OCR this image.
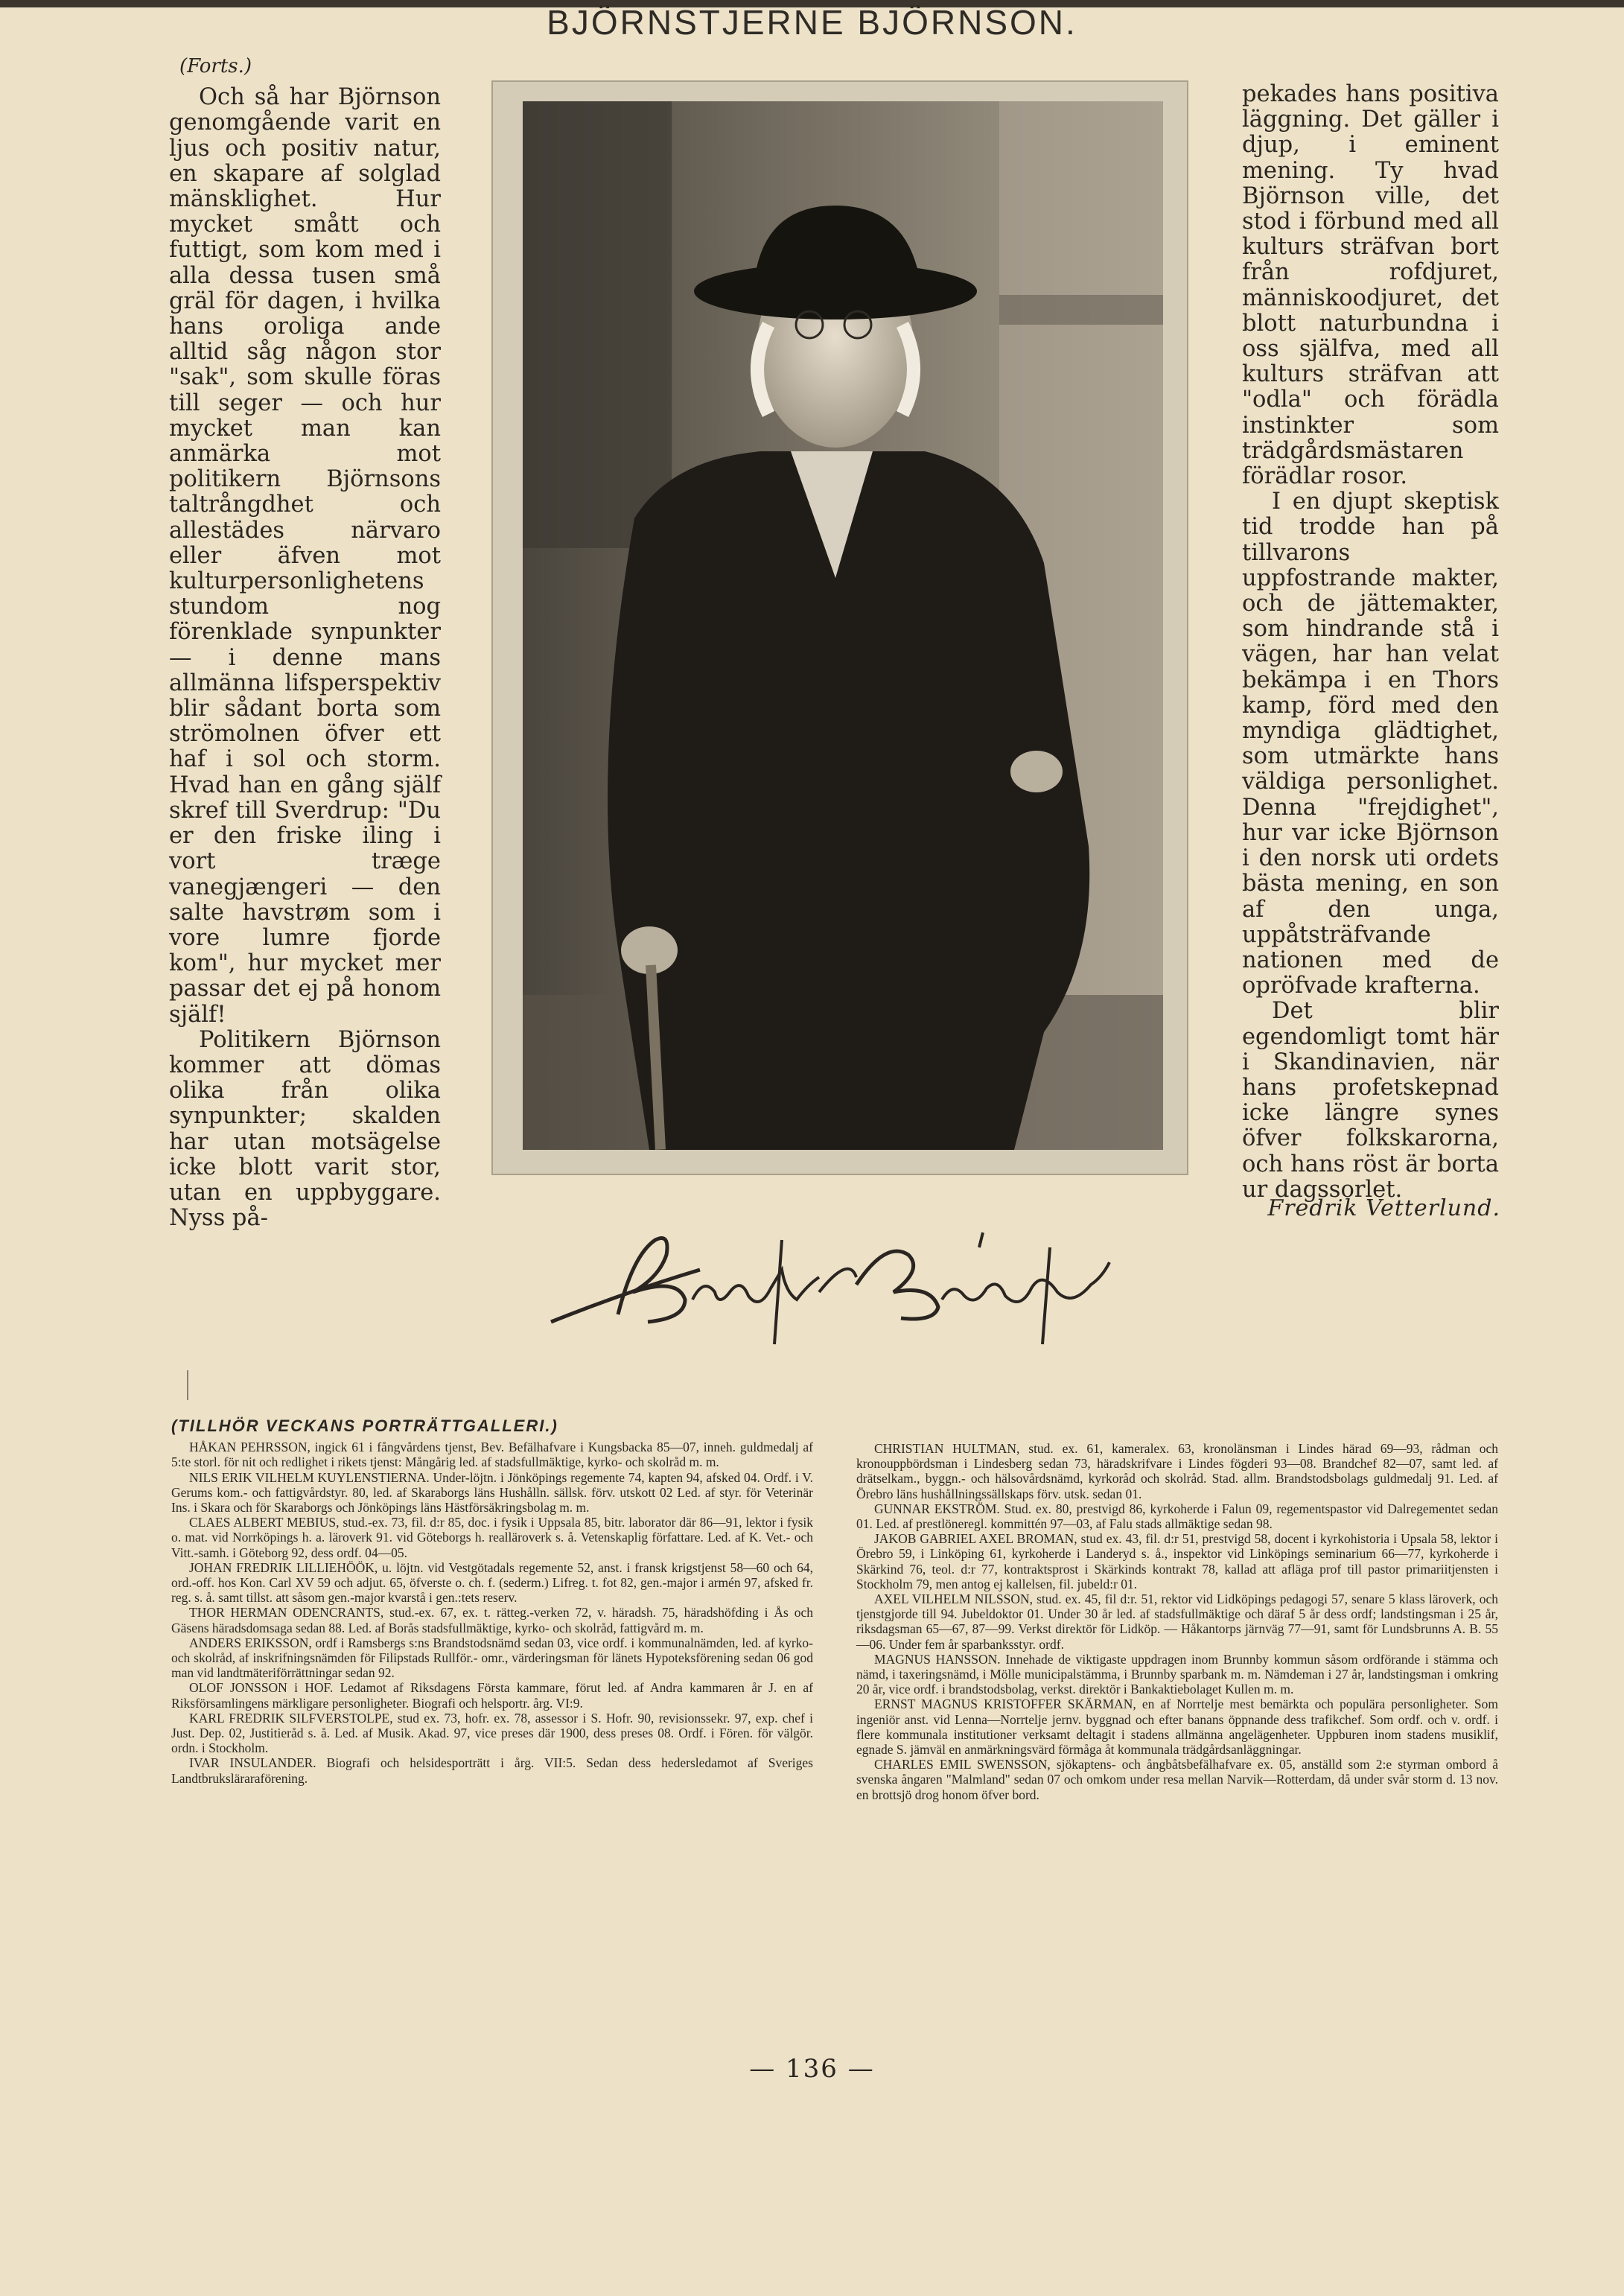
BJÖRNSTJERNE BJÖRNSON.
(Forts.)

Och så har Björnson genomgående varit en ljus och positiv natur, en skapare af solglad mänsklighet. Hur mycket smått och futtigt, som kom med i alla dessa tusen små gräl för dagen, i hvilka hans oroliga ande alltid såg någon stor "sak", som skulle föras till seger — och hur mycket man kan anmärka mot politikern Björnsons taltrångdhet och allestädes närvaro eller äfven mot kulturpersonlighetens stundom nog förenklade synpunkter — i denne mans allmänna lifsperspektiv blir sådant borta som strömolnen öfver ett haf i sol och storm. Hvad han en gång själf skref till Sverdrup: "Du er den friske iling i vort træge vanegjængeri — den salte havstrøm som i vore lumre fjorde kom", hur mycket mer passar det ej på honom själf!

Politikern Björnson kommer att dömas olika från olika synpunkter; skalden har utan motsägelse icke blott varit stor, utan en uppbyggare. Nyss på-

pekades hans positiva läggning. Det gäller i djup, i eminent mening. Ty hvad Björnson ville, det stod i förbund med all kulturs sträfvan bort från rofdjuret, människoodjuret, det blott naturbundna i oss själfva, med all kulturs sträfvan att "odla" och förädla instinkter som trädgårdsmästaren förädlar rosor.

I en djupt skeptisk tid trodde han på tillvarons uppfostrande makter, och de jättemakter, som hindrande stå i vägen, har han velat bekämpa i en Thors kamp, förd med den myndiga glädtighet, som utmärkte hans väldiga personlighet. Denna "frejdighet", hur var icke Björnson i den norsk uti ordets bästa mening, en son af den unga, uppåtsträfvande nationen med de opröfvade krafterna.

Det blir egendomligt tomt här i Skandinavien, när hans profetskepnad icke längre synes öfver folkskarorna, och hans röst är borta ur dagssorlet.

Fredrik Vetterlund.
(TILLHÖR VECKANS PORTRÄTTGALLERI.)

HÅKAN PEHRSSON, ingick 61 i fångvårdens tjenst, Bev. Befälhafvare i Kungsbacka 85—07, inneh. guldmedalj af 5:te storl. för nit och redlighet i rikets tjenst: Mångårig led. af stadsfullmäktige, kyrko- och skolråd m. m.

NILS ERIK VILHELM KUYLENSTIERNA. Under-löjtn. i Jönköpings regemente 74, kapten 94, afsked 04. Ordf. i V. Gerums kom.- och fattigvårdstyr. 80, led. af Skaraborgs läns Hushålln. sällsk. förv. utskott 02 Led. af styr. för Veterinär Ins. i Skara och för Skaraborgs och Jönköpings läns Hästförsäkringsbolag m. m.

CLAES ALBERT MEBIUS, stud.-ex. 73, fil. d:r 85, doc. i fysik i Uppsala 85, bitr. laborator där 86—91, lektor i fysik o. mat. vid Norrköpings h. a. läroverk 91. vid Göteborgs h. realläroverk s. å. Vetenskaplig författare. Led. af K. Vet.- och Vitt.-samh. i Göteborg 92, dess ordf. 04—05.

JOHAN FREDRIK LILLIEHÖÖK, u. löjtn. vid Vestgötadals regemente 52, anst. i fransk krigstjenst 58—60 och 64, ord.-off. hos Kon. Carl XV 59 och adjut. 65, öfverste o. ch. f. (sederm.) Lifreg. t. fot 82, gen.-major i armén 97, afsked fr. reg. s. å. samt tillst. att såsom gen.-major kvarstå i gen.:tets reserv.

THOR HERMAN ODENCRANTS, stud.-ex. 67, ex. t. rätteg.-verken 72, v. häradsh. 75, häradshöfding i Ås och Gäsens häradsdomsaga sedan 88. Led. af Borås stadsfullmäktige, kyrko- och skolråd, fattigvård m. m.

ANDERS ERIKSSON, ordf i Ramsbergs s:ns Brandstodsnämd sedan 03, vice ordf. i kommunalnämden, led. af kyrko- och skolråd, af inskrifningsnämden för Filipstads Rullför.- omr., värderingsman för länets Hypoteksförening sedan 06 god man vid landtmäteriförrättningar sedan 92.

OLOF JONSSON i HOF. Ledamot af Riksdagens Första kammare, förut led. af Andra kammaren år J. en af Riksförsamlingens märkligare personligheter. Biografi och helsportr. årg. VI:9.

KARL FREDRIK SILFVERSTOLPE, stud ex. 73, hofr. ex. 78, assessor i S. Hofr. 90, revisionssekr. 97, exp. chef i Just. Dep. 02, Justitieråd s. å. Led. af Musik. Akad. 97, vice preses där 1900, dess preses 08. Ordf. i Fören. för välgör. ordn. i Stockholm.

IVAR INSULANDER. Biografi och helsidesporträtt i årg. VII:5. Sedan dess hedersledamot af Sveriges Landtbruksläraraförening.

CHRISTIAN HULTMAN, stud. ex. 61, kameralex. 63, kronolänsman i Lindes härad 69—93, rådman och kronouppbördsman i Lindesberg sedan 73, häradskrifvare i Lindes fögderi 93—08. Brandchef 82—07, samt led. af drätselkam., byggn.- och hälsovårdsnämd, kyrkoråd och skolråd. Stad. allm. Brandstodsbolags guldmedalj 91. Led. af Örebro läns hushållningssällskaps förv. utsk. sedan 01.

GUNNAR EKSTRÖM. Stud. ex. 80, prestvigd 86, kyrkoherde i Falun 09, regementspastor vid Dalregementet sedan 01. Led. af prestlöneregl. kommittén 97—03, af Falu stads allmäktige sedan 98.

JAKOB GABRIEL AXEL BROMAN, stud ex. 43, fil. d:r 51, prestvigd 58, docent i kyrkohistoria i Upsala 58, lektor i Örebro 59, i Linköping 61, kyrkoherde i Landeryd s. å., inspektor vid Linköpings seminarium 66—77, kyrkoherde i Skärkind 76, teol. d:r 77, kontraktsprost i Skärkinds kontrakt 78, kallad att afläga prof till pastor primariitjensten i Stockholm 79, men antog ej kallelsen, fil. jubeld:r 01.

AXEL VILHELM NILSSON, stud. ex. 45, fil d:r. 51, rektor vid Lidköpings pedagogi 57, senare 5 klass läroverk, och tjenstgjorde till 94. Jubeldoktor 01. Under 30 år led. af stadsfullmäktige och däraf 5 år dess ordf; landstingsman i 25 år, riksdagsman 65—67, 87—99. Verkst direktör för Lidköp. — Håkantorps järnväg 77—91, samt för Lundsbrunns A. B. 55—06. Under fem år sparbanksstyr. ordf.

MAGNUS HANSSON. Innehade de viktigaste uppdragen inom Brunnby kommun såsom ordförande i stämma och nämd, i taxeringsnämd, i Mölle municipalstämma, i Brunnby sparbank m. m. Nämdeman i 27 år, landstingsman i omkring 20 år, vice ordf. i brandstodsbolag, verkst. direktör i Bankaktiebolaget Kullen m. m.

ERNST MAGNUS KRISTOFFER SKÄRMAN, en af Norrtelje mest bemärkta och populära personligheter. Som ingeniör anst. vid Lenna—Norrtelje jernv. byggnad och efter banans öppnande dess trafikchef. Som ordf. och v. ordf. i flere kommunala institutioner verksamt deltagit i stadens allmänna angelägenheter. Uppburen inom stadens musiklif, egnade S. jämväl en anmärkningsvärd förmåga åt kommunala trädgårdsanläggningar.

CHARLES EMIL SWENSSON, sjökaptens- och ångbåtsbefälhafvare ex. 05, anställd som 2:e styrman ombord å svenska ångaren "Malmland" sedan 07 och omkom under resa mellan Narvik—Rotterdam, då under svår storm d. 13 nov. en brottsjö drog honom öfver bord.

— 136 —
